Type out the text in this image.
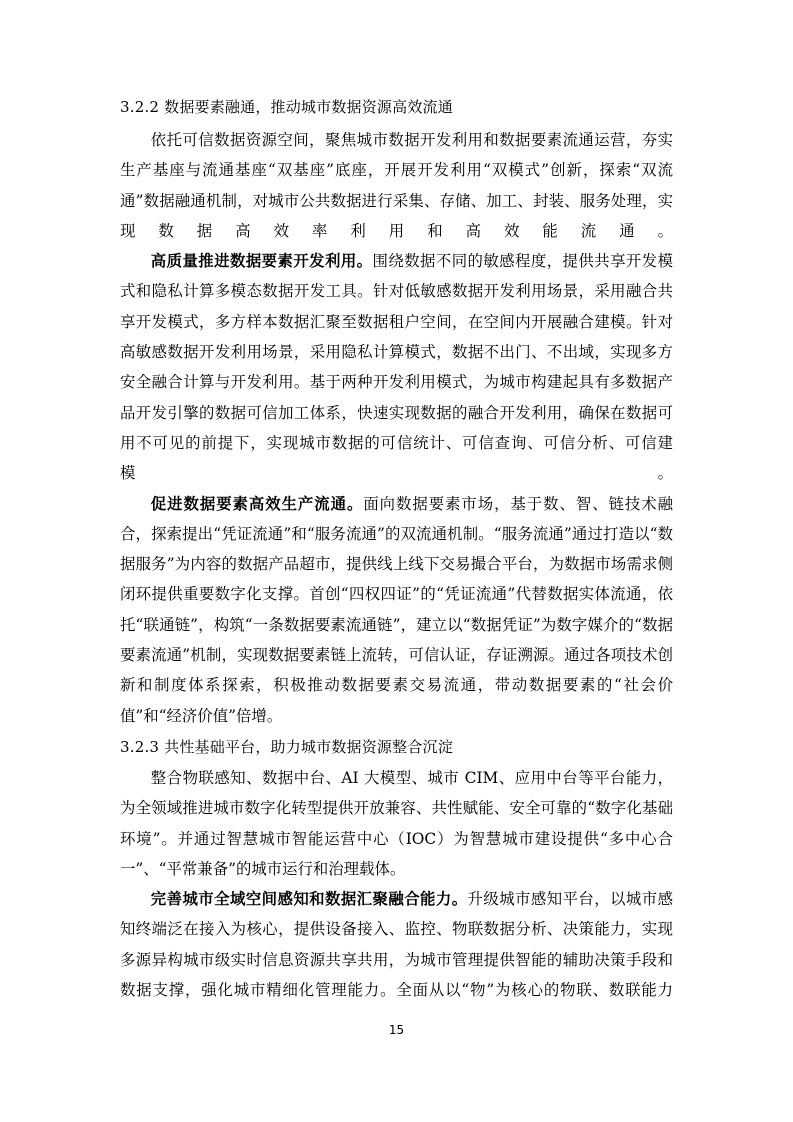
3.2.2 数据要素融通，推动城市数据资源高效流通

依托可信数据资源空间，聚焦城市数据开发利用和数据要素流通运营，夯实生产基座与流通基座“双基座”底座，开展开发利用“双模式”创新，探索“双流通”数据融通机制，对城市公共数据进行采集、存储、加工、封装、服务处理，实现数据高效率利用和高效能流通。

高质量推进数据要素开发利用。围绕数据不同的敏感程度，提供共享开发模式和隐私计算多模态数据开发工具。针对低敏感数据开发利用场景，采用融合共享开发模式，多方样本数据汇聚至数据租户空间，在空间内开展融合建模。针对高敏感数据开发利用场景，采用隐私计算模式，数据不出门、不出域，实现多方安全融合计算与开发利用。基于两种开发利用模式，为城市构建起具有多数据产品开发引擎的数据可信加工体系，快速实现数据的融合开发利用，确保在数据可用不可见的前提下，实现城市数据的可信统计、可信查询、可信分析、可信建模。

促进数据要素高效生产流通。面向数据要素市场，基于数、智、链技术融合，探索提出“凭证流通”和“服务流通”的双流通机制。“服务流通”通过打造以“数据服务”为内容的数据产品超市，提供线上线下交易撮合平台，为数据市场需求侧闭环提供重要数字化支撑。首创“四权四证”的“凭证流通”代替数据实体流通，依托“联通链”，构筑“一条数据要素流通链”，建立以“数据凭证”为数字媒介的“数据要素流通”机制，实现数据要素链上流转，可信认证，存证溯源。通过各项技术创新和制度体系探索，积极推动数据要素交易流通，带动数据要素的“社会价值”和“经济价值”倍增。

3.2.3 共性基础平台，助力城市数据资源整合沉淀

整合物联感知、数据中台、AI 大模型、城市 CIM、应用中台等平台能力，为全领域推进城市数字化转型提供开放兼容、共性赋能、安全可靠的“数字化基础环境”。并通过智慧城市智能运营中心（IOC）为智慧城市建设提供“多中心合一”、“平常兼备”的城市运行和治理载体。

完善城市全域空间感知和数据汇聚融合能力。升级城市感知平台，以城市感知终端泛在接入为核心，提供设备接入、监控、物联数据分析、决策能力，实现多源异构城市级实时信息资源共享共用，为城市管理提供智能的辅助决策手段和数据支撑，强化城市精细化管理能力。全面从以“物”为核心的物联、数联能力

15
